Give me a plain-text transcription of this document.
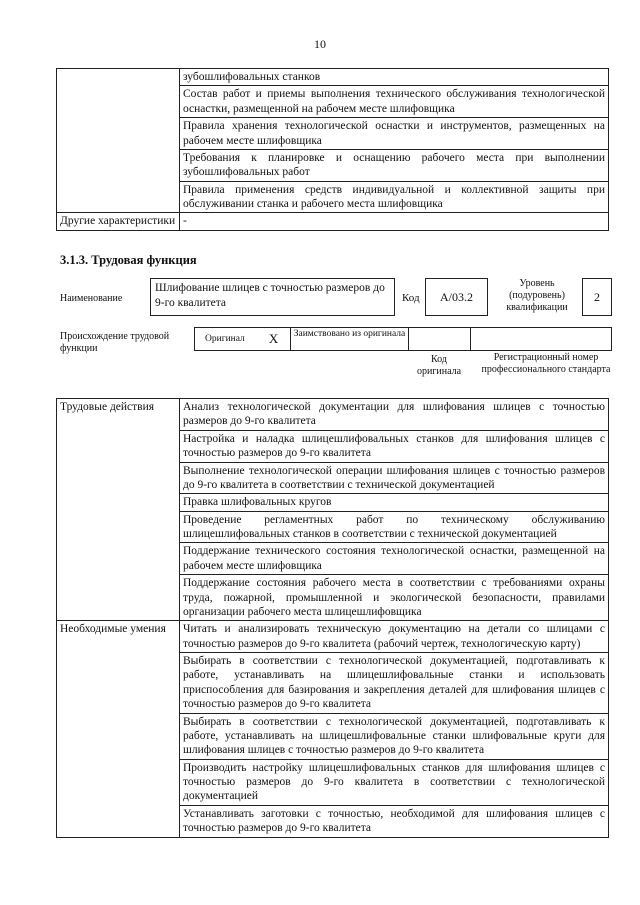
10
	зубошлифовальных станков
	Состав работ и приемы выполнения технического обслуживания технологической оснастки, размещенной на рабочем месте шлифовщика
	Правила хранения технологической оснастки и инструментов, размещенных на рабочем месте шлифовщика
	Требования к планировке и оснащению рабочего места при выполнении зубошлифовальных работ
	Правила применения средств индивидуальной и коллективной защиты при обслуживании станка и рабочего места шлифовщика
Другие характеристики	-
3.1.3. Трудовая функция
Наименование
Шлифование шлицев с точностью размеров до 9-го квалитета	Код	А/03.2
Уровень (подуровень) квалификации
2
Происхождение трудовой функции
Оригинал X Заимствовано из оригинала
Код оригинала
Регистрационный номер профессионального стандарта
Трудовые действия	Анализ технологической документации для шлифования шлицев с точностью размеров до 9-го квалитета
	Настройка и наладка шлицешлифовальных станков для шлифования шлицев с точностью размеров до 9-го квалитета
	Выполнение технологической операции шлифования шлицев с точностью размеров до 9-го квалитета в соответствии с технической документацией
	Правка шлифовальных кругов
	Проведение регламентных работ по техническому обслуживанию шлицешлифовальных станков в соответствии с технической документацией
	Поддержание технического состояния технологической оснастки, размещенной на рабочем месте шлифовщика
	Поддержание состояния рабочего места в соответствии с требованиями охраны труда, пожарной, промышленной и экологической безопасности, правилами организации рабочего места шлицешлифовщика
Необходимые умения	Читать и анализировать техническую документацию на детали со шлицами с точностью размеров до 9-го квалитета (рабочий чертеж, технологическую карту)
	Выбирать в соответствии с технологической документацией, подготавливать к работе, устанавливать на шлицешлифовальные станки и использовать приспособления для базирования и закрепления деталей для шлифования шлицев с точностью размеров до 9-го квалитета
	Выбирать в соответствии с технологической документацией, подготавливать к работе, устанавливать на шлицешлифовальные станки шлифовальные круги для шлифования шлицев с точностью размеров до 9-го квалитета
	Производить настройку шлицешлифовальных станков для шлифования шлицев с точностью размеров до 9-го квалитета в соответствии с технологической документацией
	Устанавливать заготовки с точностью, необходимой для шлифования шлицев с точностью размеров до 9-го квалитета
